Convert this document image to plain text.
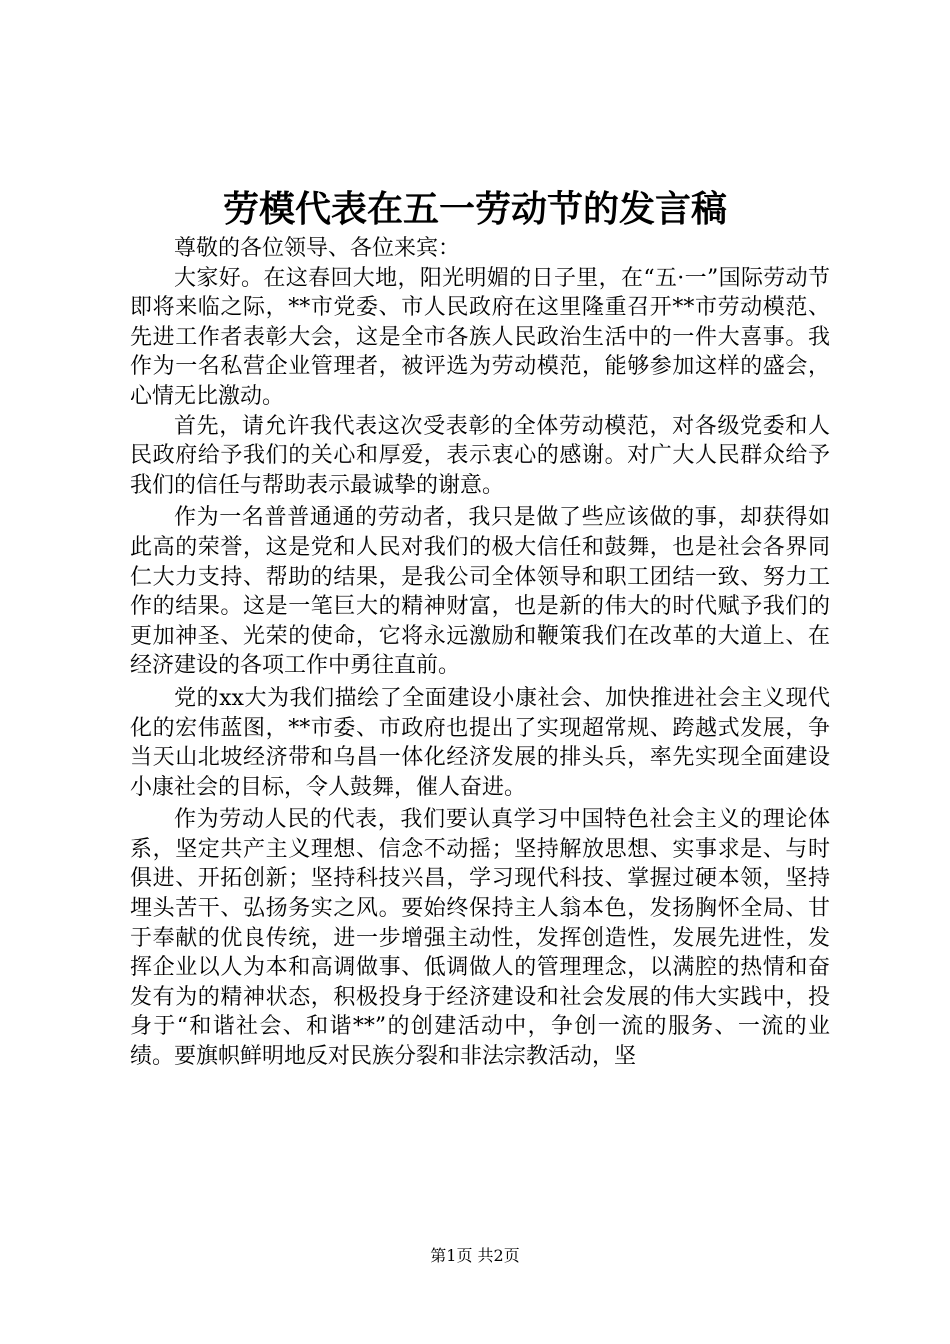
劳模代表在五一劳动节的发言稿

尊敬的各位领导、各位来宾：

大家好。在这春回大地，阳光明媚的日子里，在“五·一”国际劳动节即将来临之际，**市党委、市人民政府在这里隆重召开**市劳动模范、先进工作者表彰大会，这是全市各族人民政治生活中的一件大喜事。我作为一名私营企业管理者，被评选为劳动模范，能够参加这样的盛会，心情无比激动。

首先，请允许我代表这次受表彰的全体劳动模范，对各级党委和人民政府给予我们的关心和厚爱，表示衷心的感谢。对广大人民群众给予我们的信任与帮助表示最诚挚的谢意。

作为一名普普通通的劳动者，我只是做了些应该做的事，却获得如此高的荣誉，这是党和人民对我们的极大信任和鼓舞，也是社会各界同仁大力支持、帮助的结果，是我公司全体领导和职工团结一致、努力工作的结果。这是一笔巨大的精神财富，也是新的伟大的时代赋予我们的更加神圣、光荣的使命，它将永远激励和鞭策我们在改革的大道上、在经济建设的各项工作中勇往直前。

党的xx大为我们描绘了全面建设小康社会、加快推进社会主义现代化的宏伟蓝图，**市委、市政府也提出了实现超常规、跨越式发展，争当天山北坡经济带和乌昌一体化经济发展的排头兵，率先实现全面建设小康社会的目标，令人鼓舞，催人奋进。

作为劳动人民的代表，我们要认真学习中国特色社会主义的理论体系，坚定共产主义理想、信念不动摇；坚持解放思想、实事求是、与时俱进、开拓创新；坚持科技兴昌，学习现代科技、掌握过硬本领，坚持埋头苦干、弘扬务实之风。要始终保持主人翁本色，发扬胸怀全局、甘于奉献的优良传统，进一步增强主动性，发挥创造性，发展先进性，发挥企业以人为本和高调做事、低调做人的管理理念，以满腔的热情和奋发有为的精神状态，积极投身于经济建设和社会发展的伟大实践中，投身于“和谐社会、和谐**”的创建活动中，争创一流的服务、一流的业绩。要旗帜鲜明地反对民族分裂和非法宗教活动，坚

第1页 共2页
